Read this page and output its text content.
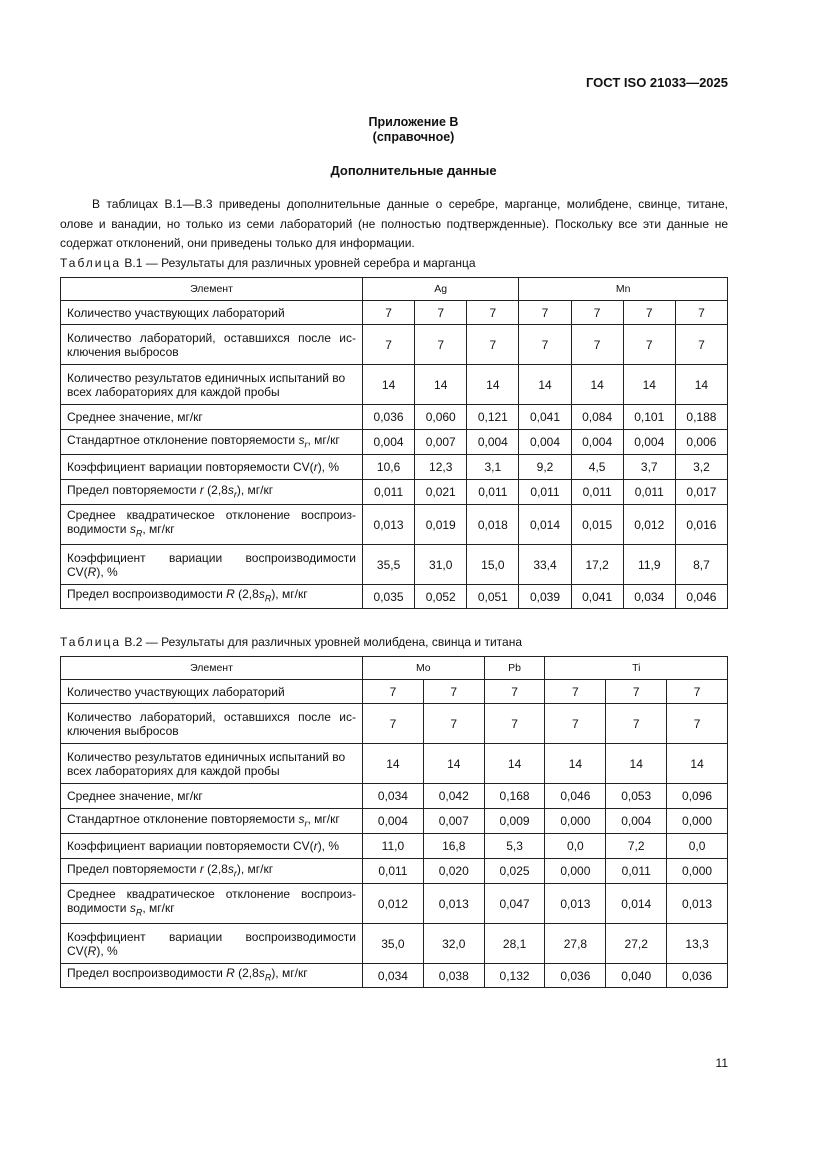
ГОСТ ISO 21033—2025
Приложение B
(справочное)
Дополнительные данные

В таблицах B.1—B.3 приведены дополнительные данные о серебре, марганце, молибдене, свинце, титане, олове и ванадии, но только из семи лабораторий (не полностью подтвержденные). Поскольку все эти данные не содержат отклонений, они приведены только для информации.

Таблица B.1 — Результаты для различных уровней серебра и марганца
Элемент	Ag			Mn			
Количество участвующих лабораторий	7	7	7	7	7	7	7

Количество лабораторий, оставшихся после ис-
ключения выбросов	7	7	7	7	7	7	7
Количество результатов единичных испытаний во всех лабораториях для каждой пробы	14	14	14	14	14	14	14
Среднее значение, мг/кг	0,036	0,060	0,121	0,041	0,084	0,101	0,188
Стандартное отклонение повторяемости $s_r$, мг/кг	0,004	0,007	0,004	0,004	0,004	0,004	0,006
Коэффициент вариации повторяемости CV(r), %	10,6	12,3	3,1	9,2	4,5	3,7	3,2
Предел повторяемости r $(2,8s_r)$, мг/кг	0,011	0,021	0,011	0,011	0,011	0,011	0,017

Среднее квадратическое отклонение воспроиз-
водимости $s_R$, мг/кг	0,013	0,019	0,018	0,014	0,015	0,012	0,016

Коэффициент вариации воспроизводимости
CV(R), %	35,5	31,0	15,0	33,4	17,2	11,9	8,7
Предел воспроизводимости R $(2,8s_R)$, мг/кг	0,035	0,052	0,051	0,039	0,041	0,034	0,046
Таблица B.2 — Результаты для различных уровней молибдена, свинца и титана
Элемент	Mo		Pb	Ti		
Количество участвующих лабораторий	7	7	7	7	7	7

Количество лабораторий, оставшихся после ис-
ключения выбросов	7	7	7	7	7	7
Количество результатов единичных испытаний во всех лабораториях для каждой пробы	14	14	14	14	14	14
Среднее значение, мг/кг	0,034	0,042	0,168	0,046	0,053	0,096
Стандартное отклонение повторяемости $s_r$, мг/кг	0,004	0,007	0,009	0,000	0,004	0,000
Коэффициент вариации повторяемости CV(r), %	11,0	16,8	5,3	0,0	7,2	0,0
Предел повторяемости r $(2,8s_r)$, мг/кг	0,011	0,020	0,025	0,000	0,011	0,000

Среднее квадратическое отклонение воспроиз-
водимости $s_R$, мг/кг	0,012	0,013	0,047	0,013	0,014	0,013

Коэффициент вариации воспроизводимости
CV(R), %	35,0	32,0	28,1	27,8	27,2	13,3
Предел воспроизводимости R $(2,8s_R)$, мг/кг	0,034	0,038	0,132	0,036	0,040	0,036
11
